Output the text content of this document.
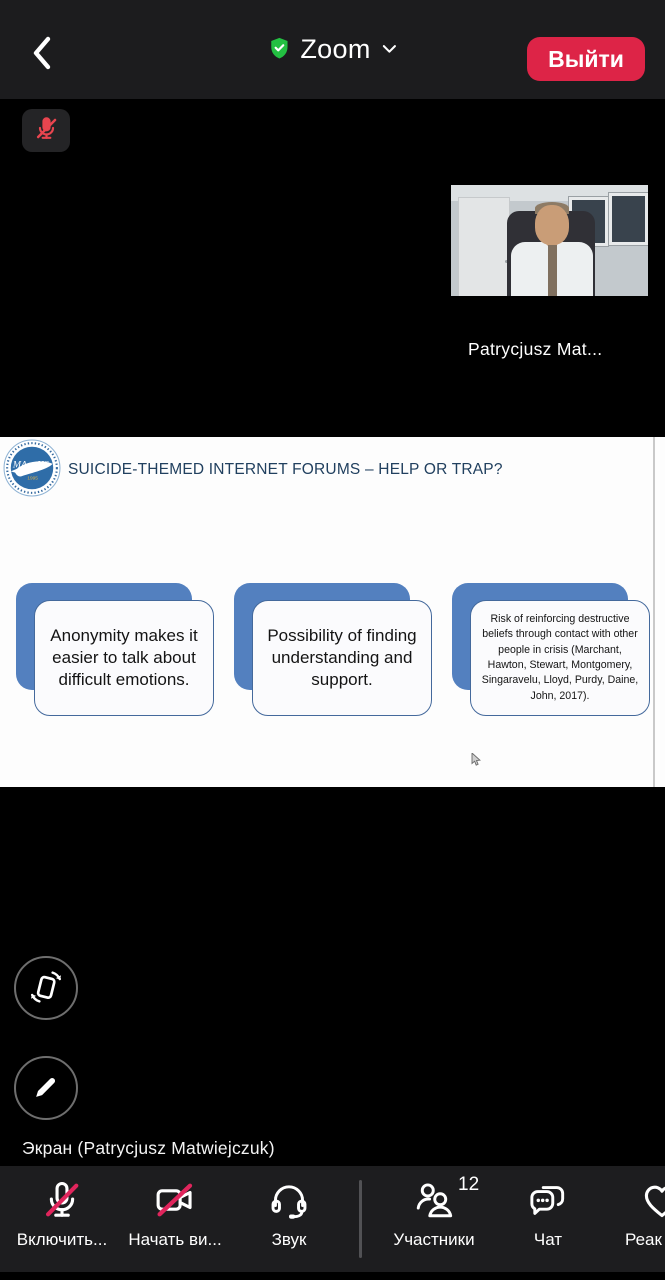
Zoom	Выйти
Patrycjusz Mat...
MA NS
1995
SUICIDE-THEMED INTERNET FORUMS – HELP OR TRAP?
Anonymity makes it easier to talk about difficult emotions.
Possibility of finding understanding and support.
Risk of reinforcing destructive beliefs through contact with other people in crisis (Marchant, Hawton, Stewart, Montgomery, Singaravelu, Lloyd, Purdy, Daine, John, 2017).
Экран (Patrycjusz Matwiejczuk)
Включить... Начать ви...	Звук	Участники
12
Чат	Реак
